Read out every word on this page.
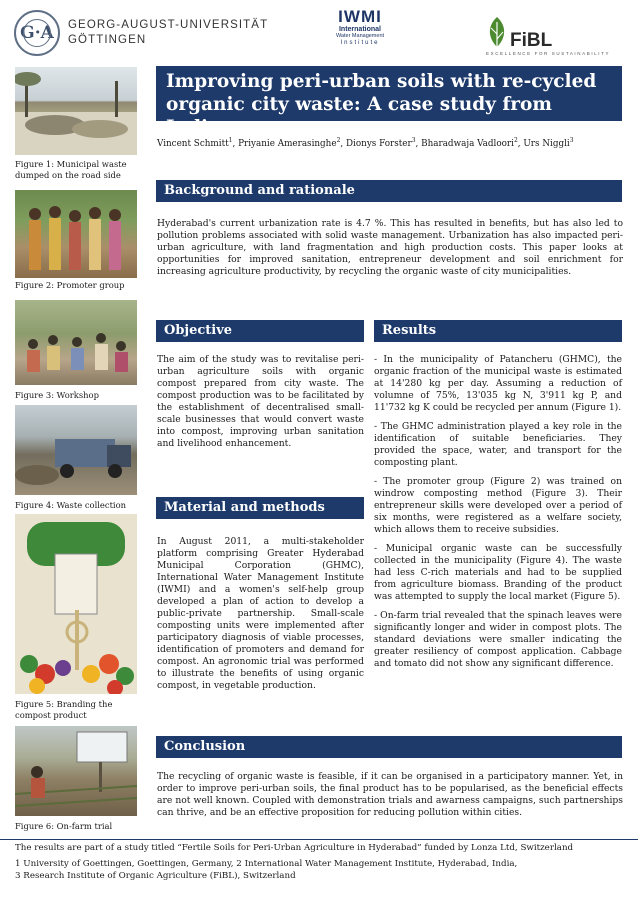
G·A	GEORG-AUGUST-UNIVERSITÄT
GÖTTINGEN
IWMI
International
Water Management
Institute	FiBL
EXCELLENCE FOR SUSTAINABILITY
Improving peri-urban soils with re-cycled organic city waste: A case study from India
Vincent Schmitt$^1$, Priyanie Amerasinghe$^2$, Dionys Forster$^3$, Bharadwaja Vadloori$^2$, Urs Niggli$^3$
Figure 1: Municipal waste dumped on the road side
Figure 2: Promoter group
Figure 3: Workshop
Figure 4: Waste collection
Figure 5: Branding the compost product
Figure 6: On-farm trial
Background and rationale
Hyderabad's current urbanization rate is 4.7 %. This has resulted in benefits, but has also led to pollution problems associated with solid waste management. Urbanization has also impacted peri-urban agriculture, with land fragmentation and high production costs. This paper looks at opportunities for improved sanitation, entrepreneur development and soil enrichment for increasing agriculture productivity, by recycling the organic waste of city municipalities.
Objective
The aim of the study was to revitalise peri-urban agriculture soils with organic compost prepared from city waste. The compost production was to be facilitated by the establishment of decentralised small-scale businesses that would convert waste into compost, improving urban sanitation and livelihood enhancement.
Results

- In the municipality of Patancheru (GHMC), the organic fraction of the municipal waste is estimated at 14'280 kg per day. Assuming a reduction of volumne of 75%, 13'035 kg N, 3'911 kg P, and 11'732 kg K could be recycled per annum (Figure 1).

- The GHMC administration played a key role in the identification of suitable beneficiaries. They provided the space, water, and transport for the composting plant.

- The promoter group (Figure 2) was trained on windrow composting method (Figure 3). Their entrepreneur skills were developed over a period of six months, were registered as a welfare society, which allows them to receive subsidies.

- Municipal organic waste can be successfully collected in the municipality (Figure 4). The waste had less C-rich materials and had to be supplied from agriculture biomass. Branding of the product was attempted to supply the local market (Figure 5).

- On-farm trial revealed that the spinach leaves were significantly longer and wider in compost plots. The standard deviations were smaller indicating the greater resiliency of compost application. Cabbage and tomato did not show any significant difference.

Material and methods
In August 2011, a multi-stakeholder platform comprising Greater Hyderabad Municipal Corporation (GHMC), International Water Management Institute (IWMI) and a women's self-help group developed a plan of action to develop a public-private partnership. Small-scale composting units were implemented after participatory diagnosis of viable processes, identification of promoters and demand for compost. An agronomic trial was performed to illustrate the benefits of using organic compost, in vegetable production.
Conclusion
The recycling of organic waste is feasible, if it can be organised in a participatory manner. Yet, in order to improve peri-urban soils, the final product has to be popularised, as the beneficial effects are not well known. Coupled with demonstration trials and awarness campaigns, such partnerships can thrive, and be an effective proposition for reducing pollution within cities.
The results are part of a study titled “Fertile Soils for Peri-Urban Agriculture in Hyderabad” funded by Lonza Ltd, Switzerland
1 University of Goettingen, Goettingen, Germany, 2 International Water Management Institute, Hyderabad, India,
3 Research Institute of Organic Agriculture (FiBL), Switzerland
